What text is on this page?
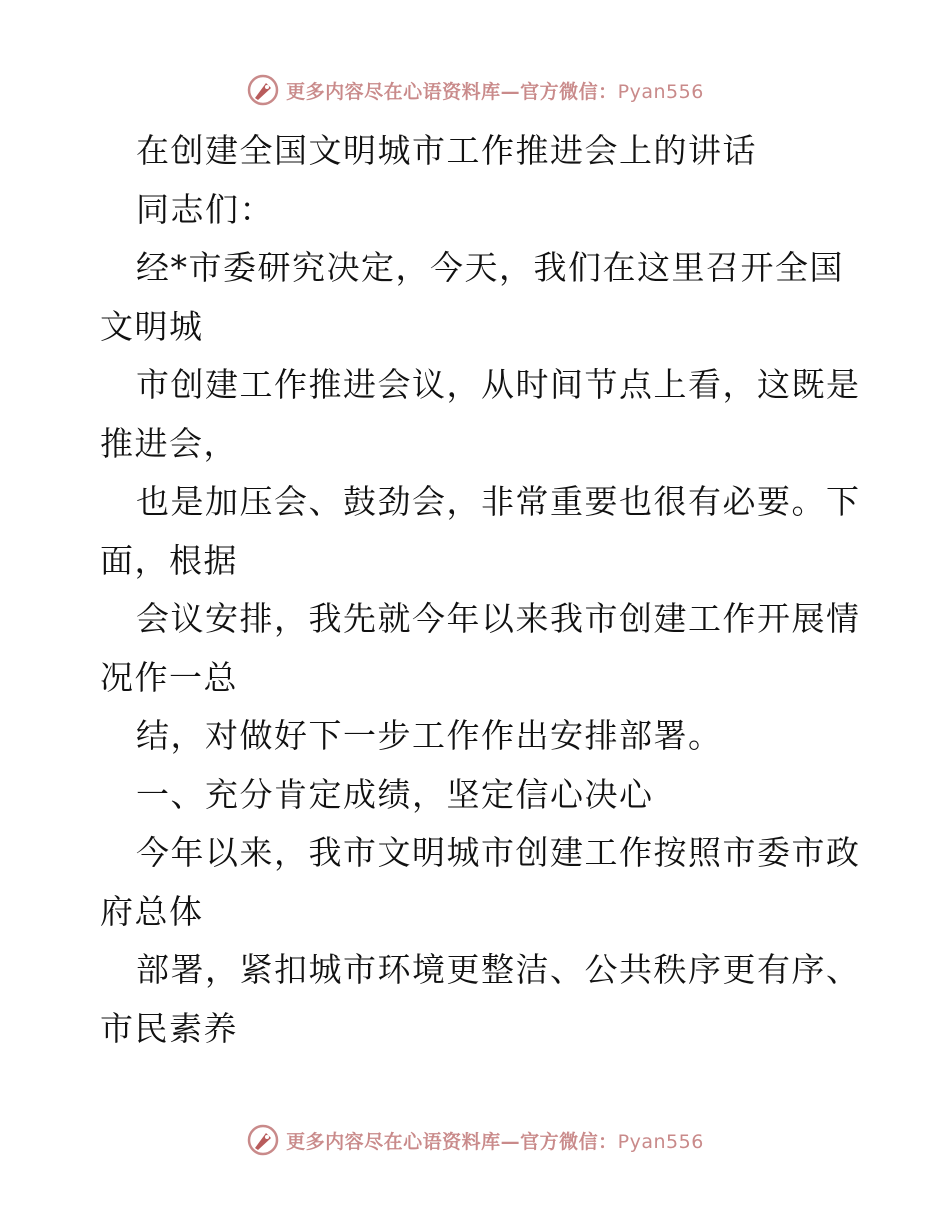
更多内容尽在心语资料库—官方微信：Pyan556
在创建全国文明城市工作推进会上的讲话
同志们：
经*市委研究决定，今天，我们在这里召开全国
文明城
市创建工作推进会议，从时间节点上看，这既是
推进会，
也是加压会、鼓劲会，非常重要也很有必要。下
面，根据
会议安排，我先就今年以来我市创建工作开展情
况作一总
结，对做好下一步工作作出安排部署。
一、充分肯定成绩，坚定信心决心
今年以来，我市文明城市创建工作按照市委市政
府总体
部署，紧扣城市环境更整洁、公共秩序更有序、
市民素养
更多内容尽在心语资料库—官方微信：Pyan556
